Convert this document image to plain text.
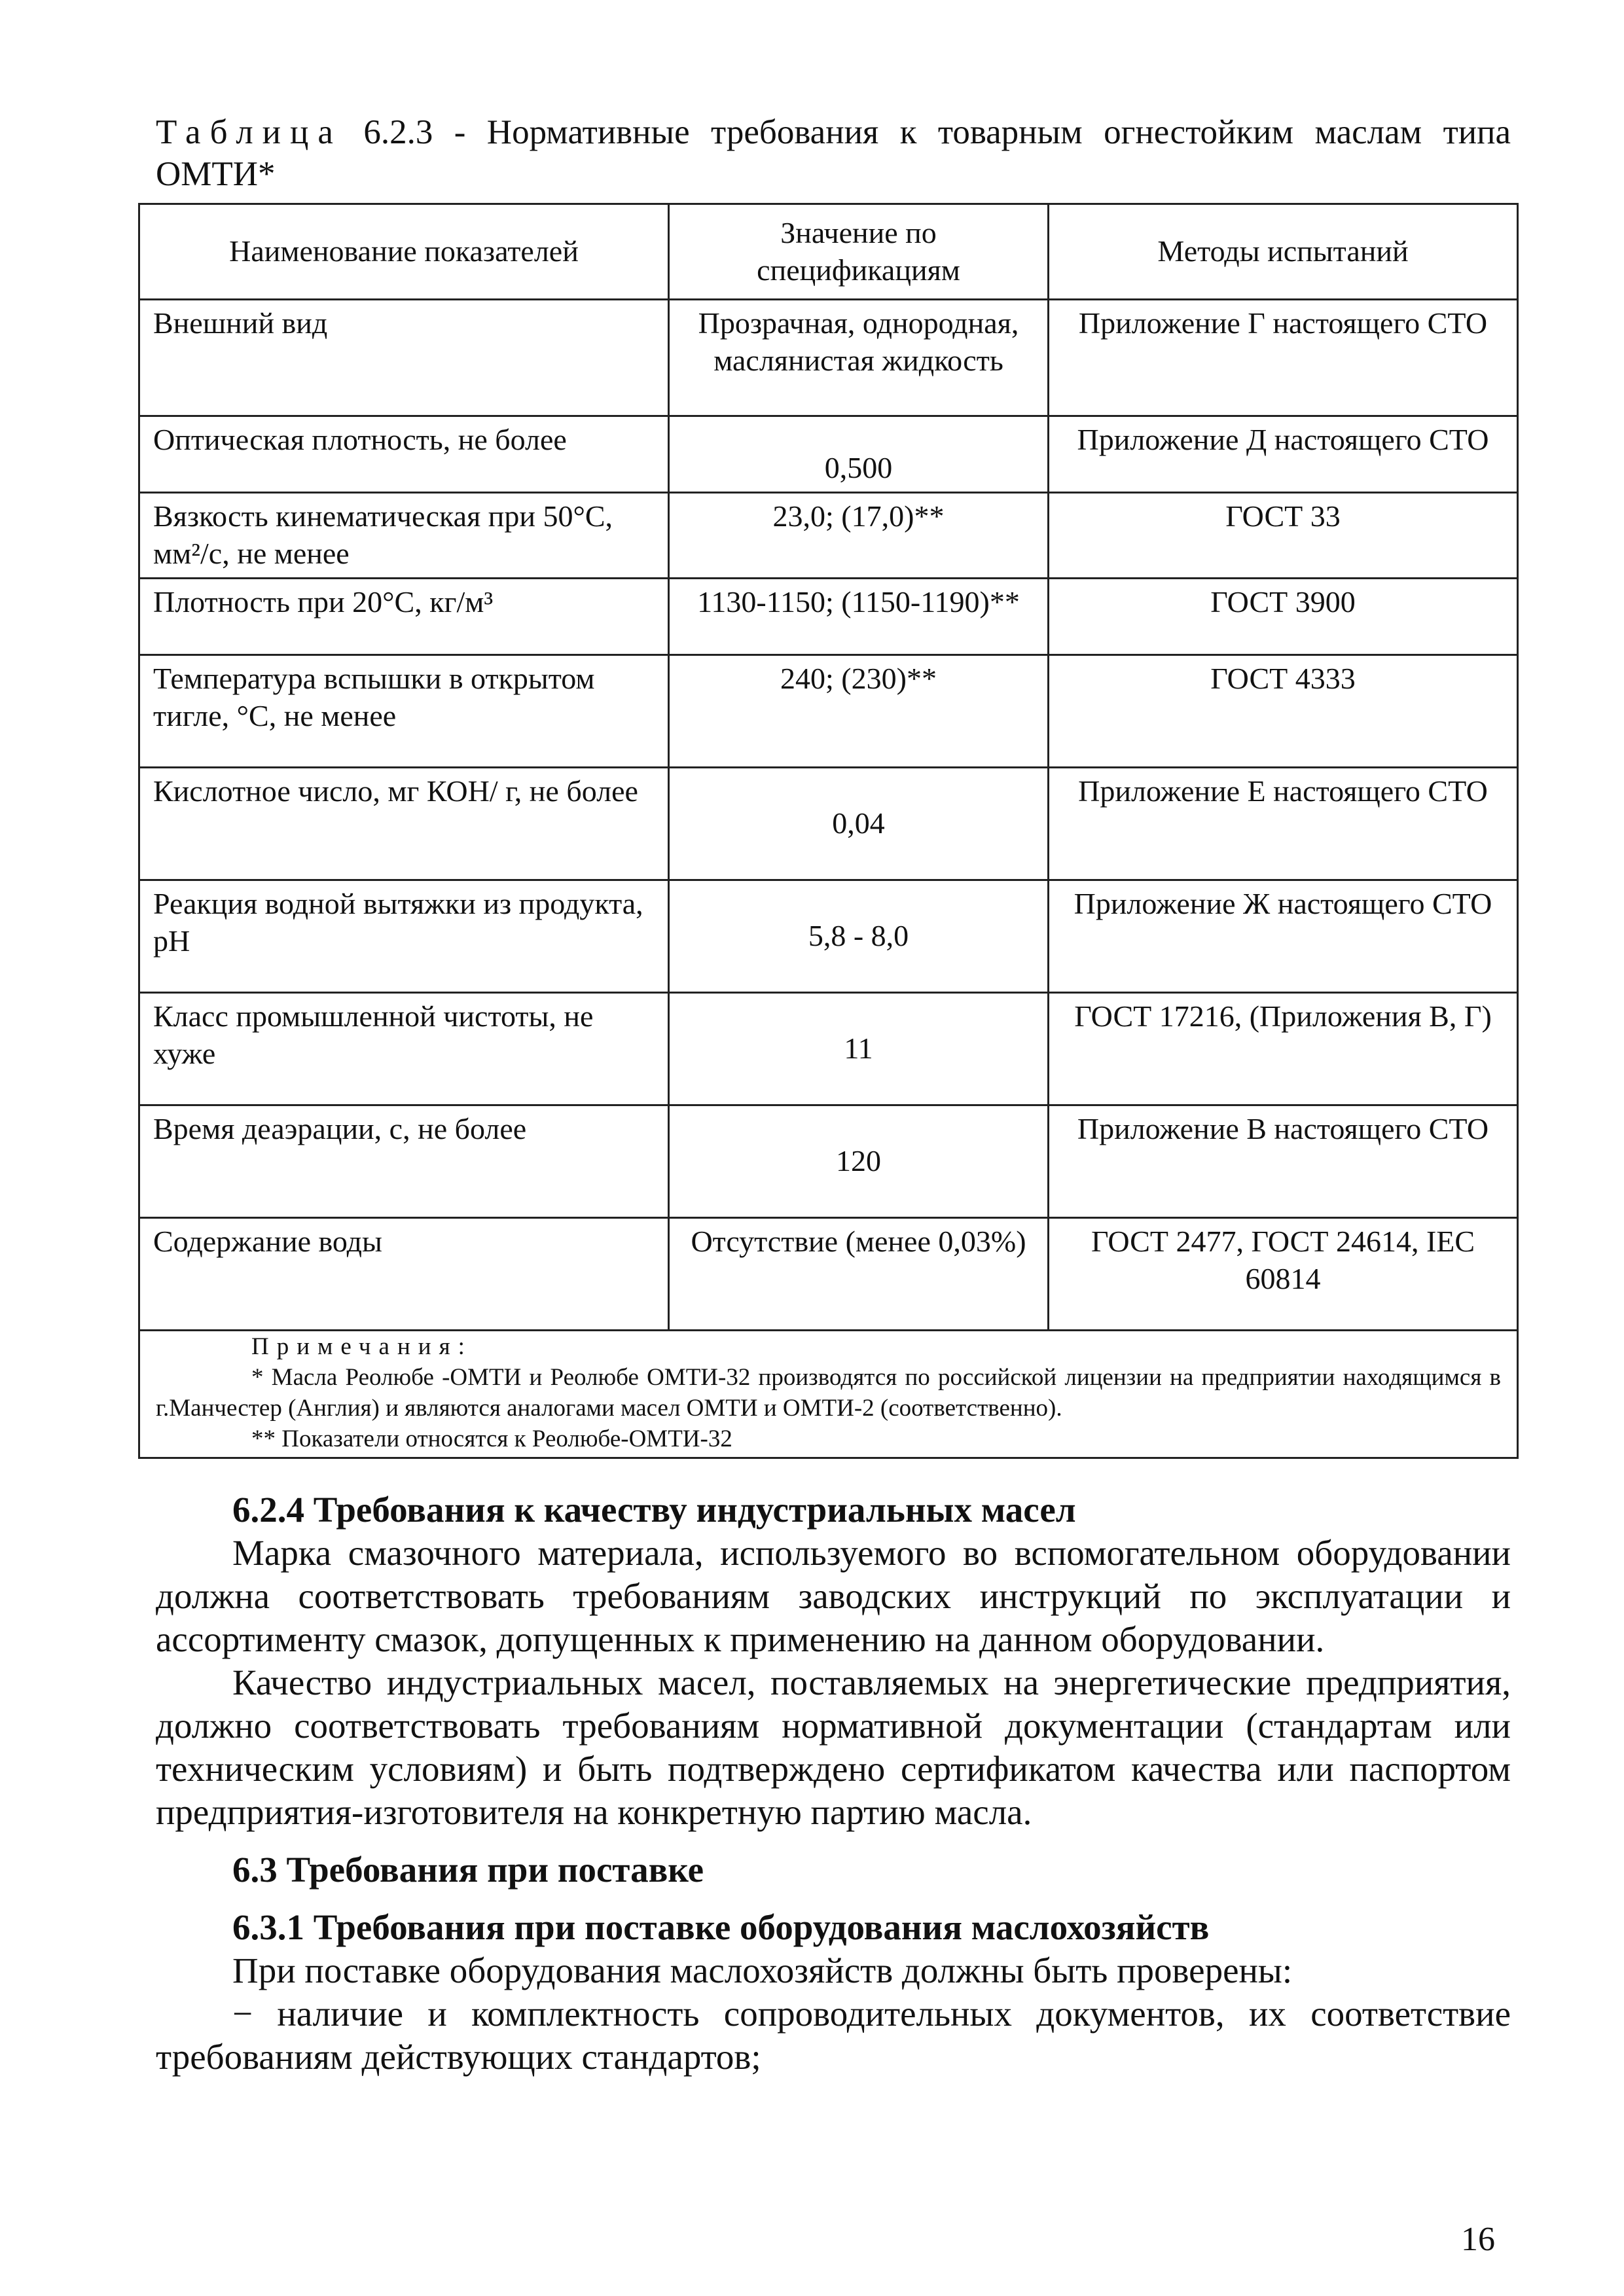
Таблица 6.2.3 - Нормативные требования к товарным огнестойким маслам типа ОМТИ*
Наименование показателей	Значение по спецификациям	Методы испытаний
Внешний вид	Прозрачная, однородная, маслянистая жидкость	Приложение Г настоящего СТО
Оптическая плотность, не более	0,500	Приложение Д настоящего СТО
Вязкость кинематическая при 50°С, мм²/с, не менее	23,0; (17,0)**	ГОСТ 33
Плотность при 20°С, кг/м³	1130-1150; (1150-1190)**	ГОСТ 3900
Температура вспышки в открытом тигле, °С, не менее	240; (230)**	ГОСТ 4333
Кислотное число, мг КОН/ г, не более	0,04	Приложение Е настоящего СТО
Реакция водной вытяжки из продукта, рН	5,8 - 8,0	Приложение Ж настоящего СТО
Класс промышленной чистоты, не хуже	11	ГОСТ 17216, (Приложения В, Г)
Время деаэрации, с, не более	120	Приложение В настоящего СТО
Содержание воды	Отсутствие (менее 0,03%)	ГОСТ 2477, ГОСТ 24614, IEC 60814

Примечания:
* Масла Реолюбе -ОМТИ и Реолюбе ОМТИ-32 производятся по российской лицензии на предприятии находящимся в г.Манчестер (Англия) и являются аналогами масел ОМТИ и ОМТИ-2 (соответственно).
** Показатели относятся к Реолюбе-ОМТИ-32		
6.2.4 Требования к качеству индустриальных масел
Марка смазочного материала, используемого во вспомогательном оборудовании должна соответствовать требованиям заводских инструкций по эксплуатации и ассортименту смазок, допущенных к применению на данном оборудовании.
Качество индустриальных масел, поставляемых на энергетические предприятия, должно соответствовать требованиям нормативной документации (стандартам или техническим условиям) и быть подтверждено сертификатом качества или паспортом предприятия-изготовителя на конкретную партию масла.
6.3 Требования при поставке
6.3.1 Требования при поставке оборудования маслохозяйств
При поставке оборудования маслохозяйств должны быть проверены:
− наличие и комплектность сопроводительных документов, их соответствие требованиям действующих стандартов;
16
